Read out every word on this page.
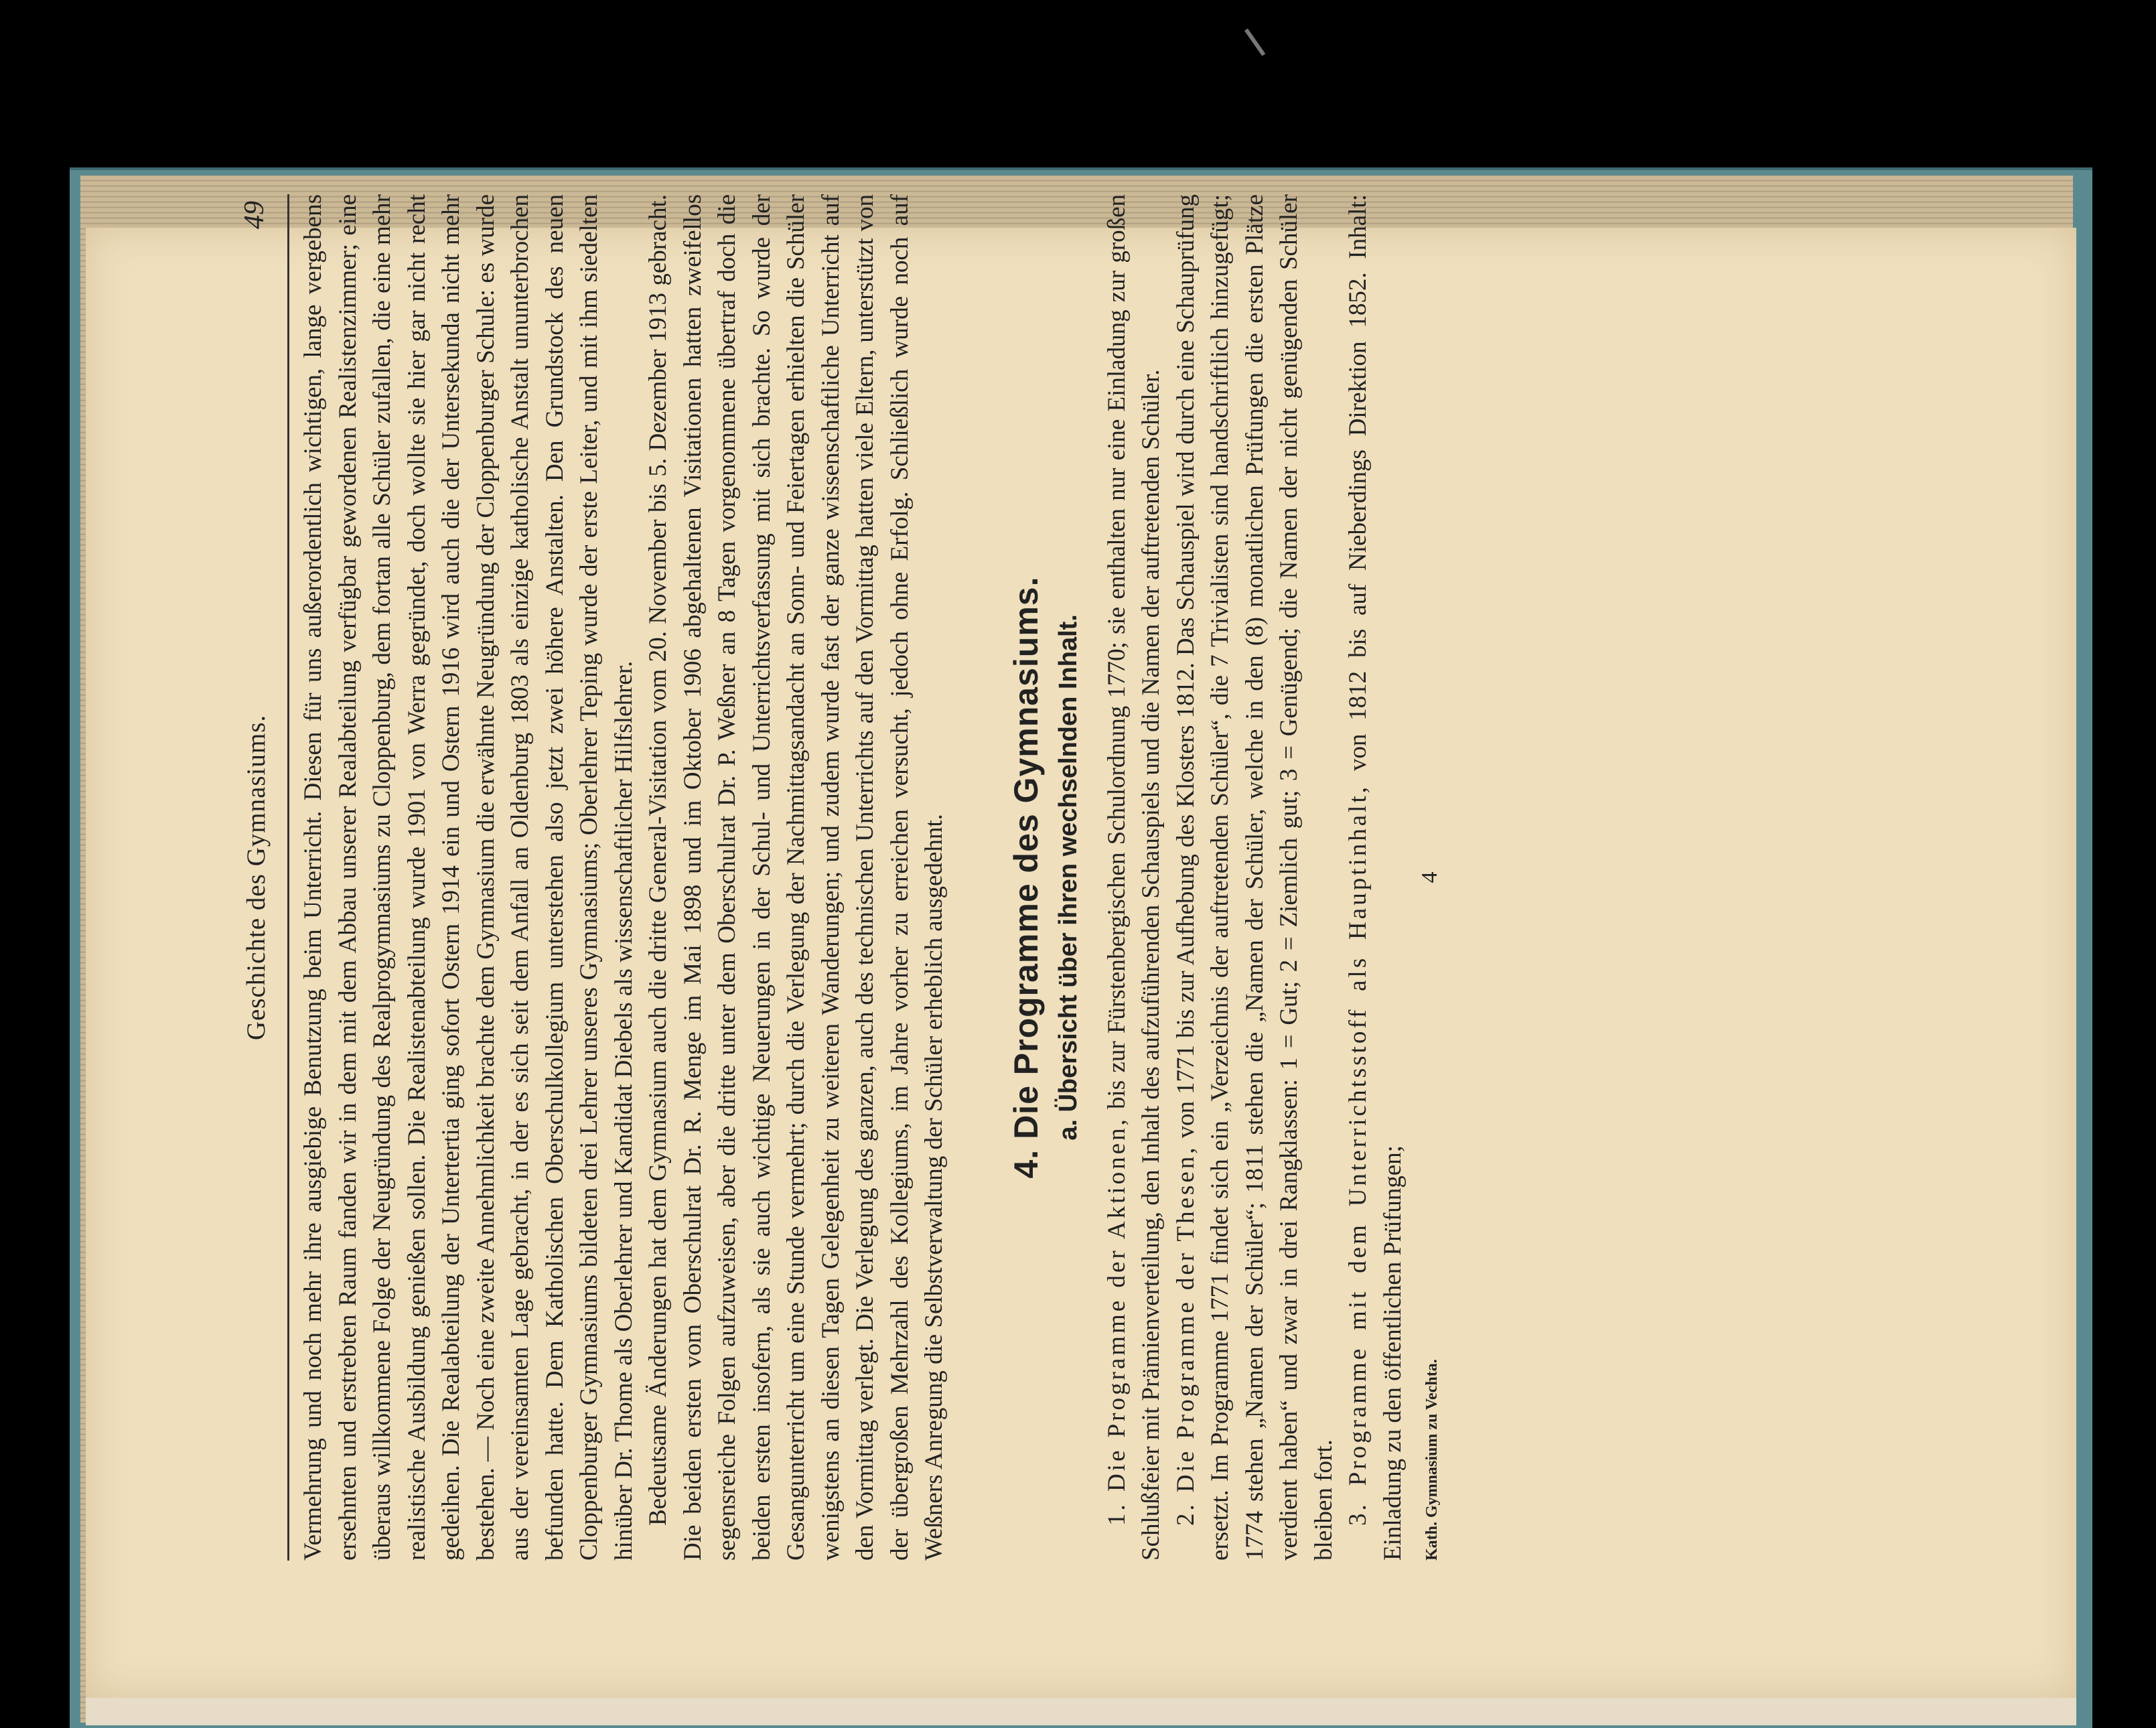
Geschichte des Gymnasiums.
49 Vermehrung und noch mehr ihre ausgiebige Benutzung beim Unterricht. Diesen für uns außerordentlich wichtigen, lange vergebens ersehnten und erstrebten Raum fanden wir in dem mit dem Abbau unserer Realabteilung verfügbar gewordenen Realistenzimmer; eine überaus willkommene Folge der Neugründung des Realprogymnasiums zu Cloppenburg, dem fortan alle Schüler zufallen, die eine mehr realistische Ausbildung genießen sollen. Die Realistenabteilung wurde 1901 von Werra gegründet, doch wollte sie hier gar nicht recht gedeihen. Die Realabteilung der Untertertia ging sofort Ostern 1914 ein und Ostern 1916 wird auch die der Untersekunda nicht mehr bestehen. — Noch eine zweite Annehmlichkeit brachte dem Gymnasium die erwähnte Neugründung der Cloppenburger Schule: es wurde aus der vereinsamten Lage gebracht, in der es sich seit dem Anfall an Oldenburg 1803 als einzige katholische Anstalt ununterbrochen befunden hatte. Dem Katholischen Oberschulkollegium unterstehen also jetzt zwei höhere Anstalten. Den Grundstock des neuen Cloppenburger Gymnasiums bildeten drei Lehrer unseres Gymnasiums; Oberlehrer Teping wurde der erste Leiter, und mit ihm siedelten hinüber Dr. Thome als Oberlehrer und Kandidat Diebels als wissenschaftlicher Hilfslehrer. Bedeutsame Änderungen hat dem Gymnasium auch die dritte General-Visitation vom 20. November bis 5. Dezember 1913 gebracht. Die beiden ersten vom Oberschulrat Dr. R. Menge im Mai 1898 und im Oktober 1906 abgehaltenen Visitationen hatten zweifellos segensreiche Folgen aufzuweisen, aber die dritte unter dem Oberschulrat Dr. P. Weßner an 8 Tagen vorgenommene übertraf doch die beiden ersten insofern, als sie auch wichtige Neuerungen in der Schul- und Unterrichtsverfassung mit sich brachte. So wurde der Gesangunterricht um eine Stunde vermehrt; durch die Verlegung der Nachmittagsandacht an Sonn- und Feiertagen erhielten die Schüler wenigstens an diesen Tagen Gelegenheit zu weiteren Wanderungen; und zudem wurde fast der ganze wissenschaftliche Unterricht auf den Vormittag verlegt. Die Verlegung des ganzen, auch des technischen Unterrichts auf den Vormittag hatten viele Eltern, unterstützt von der übergroßen Mehrzahl des Kollegiums, im Jahre vorher zu erreichen versucht, jedoch ohne Erfolg. Schließlich wurde noch auf Weßners Anregung die Selbstverwaltung der Schüler erheblich ausgedehnt. 4. Die Programme des Gymnasiums. a. Übersicht über ihren wechselnden Inhalt.

1. Die Programme der Aktionen, bis zur Fürstenbergischen Schulordnung 1770; sie enthalten nur eine Einladung zur großen Schlußfeier mit Prämienverteilung, den Inhalt des aufzuführenden Schauspiels und die Namen der auftretenden Schüler. 2. Die Programme der Thesen, von 1771 bis zur Aufhebung des Klosters 1812. Das Schauspiel wird durch eine Schauprüfung ersetzt. Im Programme 1771 findet sich ein „Verzeichnis der auftretenden Schüler“, die 7 Trivialisten sind handschriftlich hinzugefügt; 1774 stehen „Namen der Schüler“; 1811 stehen die „Namen der Schüler, welche in den (8) monatlichen Prüfungen die ersten Plätze verdient haben“ und zwar in drei Rangklassen: 1 = Gut; 2 = Ziemlich gut; 3 = Genügend; die Namen der nicht genügenden Schüler bleiben fort. 3. Programme mit dem Unterrichtsstoff als Hauptinhalt, von 1812 bis auf Nieberdings Direktion 1852. Inhalt: Einladung zu den öffentlichen Prüfungen;	Kath. Gymnasium zu Vechta.
4
